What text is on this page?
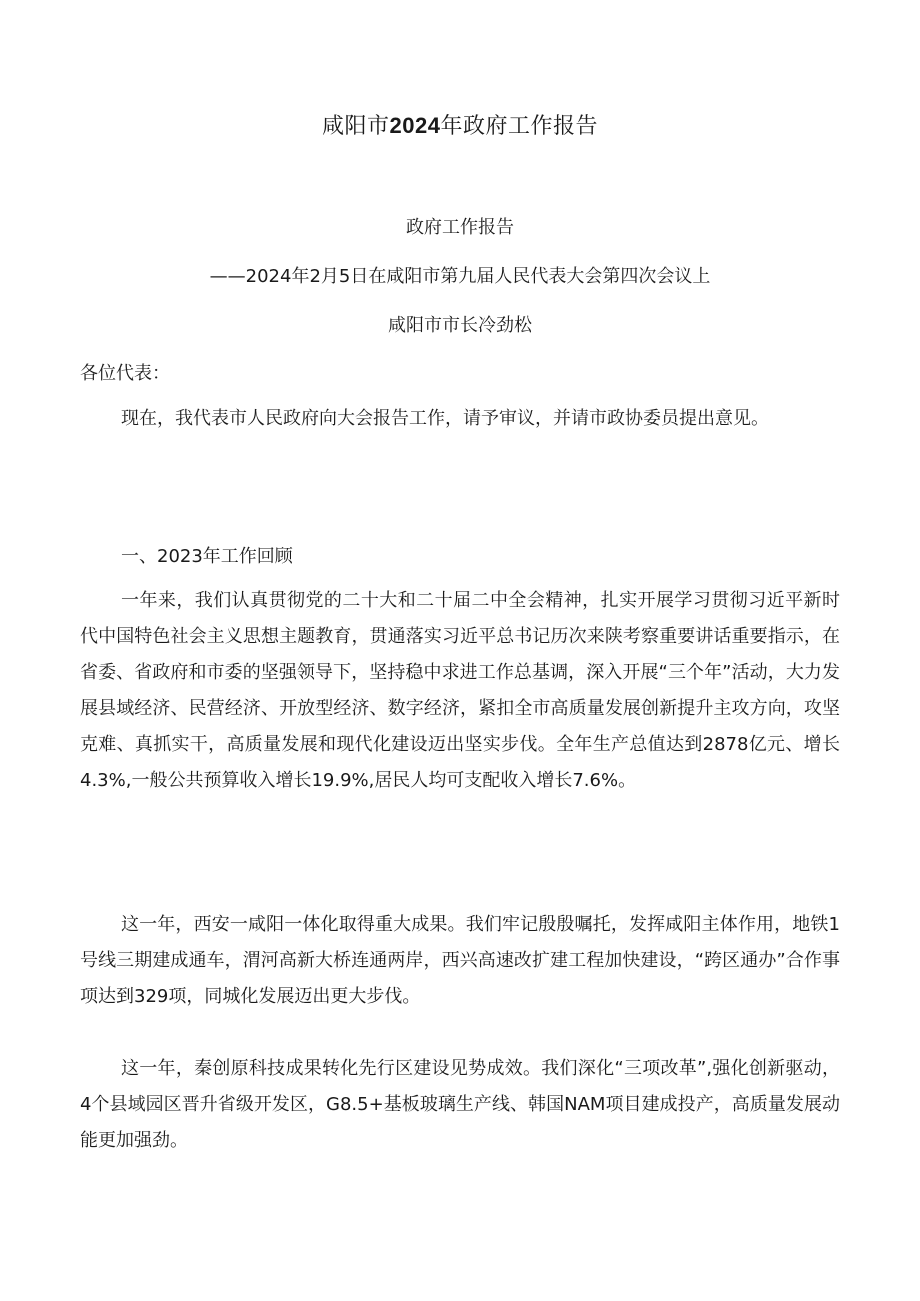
咸阳市2024年政府工作报告
政府工作报告
——2024年2月5日在咸阳市第九届人民代表大会第四次会议上
咸阳市市长冷劲松
各位代表：

现在，我代表市人民政府向大会报告工作，请予审议，并请市政协委员提出意见。

一、2023年工作回顾

一年来，我们认真贯彻党的二十大和二十届二中全会精神，扎实开展学习贯彻习近平新时代中国特色社会主义思想主题教育，贯通落实习近平总书记历次来陕考察重要讲话重要指示，在省委、省政府和市委的坚强领导下，坚持稳中求进工作总基调，深入开展“三个年”活动，大力发展县域经济、民营经济、开放型经济、数字经济，紧扣全市高质量发展创新提升主攻方向，攻坚克难、真抓实干，高质量发展和现代化建设迈出坚实步伐。全年生产总值达到2878亿元、增长4.3%,一般公共预算收入增长19.9%,居民人均可支配收入增长7.6%。

这一年，西安一咸阳一体化取得重大成果。我们牢记殷殷嘱托，发挥咸阳主体作用，地铁1号线三期建成通车，渭河高新大桥连通两岸，西兴高速改扩建工程加快建设，“跨区通办”合作事项达到329项，同城化发展迈出更大步伐。

这一年，秦创原科技成果转化先行区建设见势成效。我们深化“三项改革”,强化创新驱动，4个县域园区晋升省级开发区，G8.5+基板玻璃生产线、韩国NAM项目建成投产，高质量发展动能更加强劲。
